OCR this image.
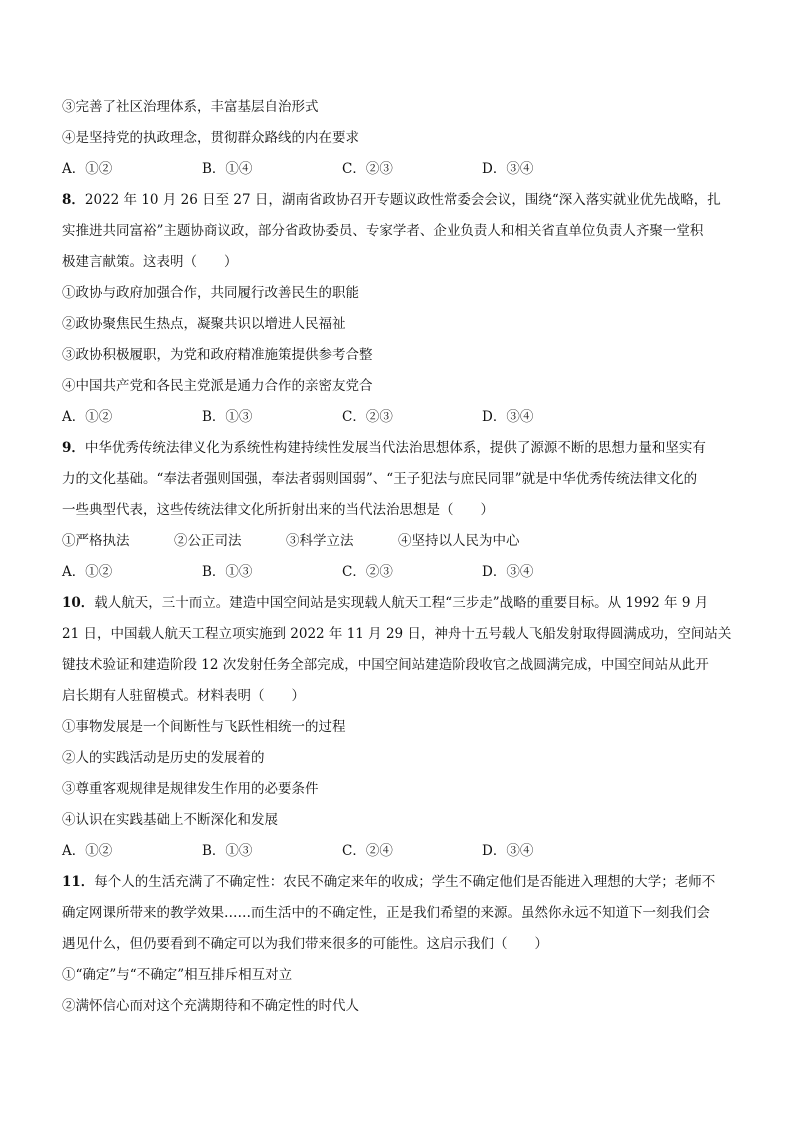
③完善了社区治理体系，丰富基层自治形式
④是坚持党的执政理念，贯彻群众路线的内在要求
A．①②	B．①④	C．②③	D．③④
8．2022 年 10 月 26 日至 27 日，湖南省政协召开专题议政性常委会会议，围绕“深入落实就业优先战略，扎
实推进共同富裕”主题协商议政，部分省政协委员、专家学者、企业负责人和相关省直单位负责人齐聚一堂积
极建言献策。这表明（　　）
①政协与政府加强合作，共同履行改善民生的职能
②政协聚焦民生热点，凝聚共识以增进人民福祉
③政协积极履职，为党和政府精准施策提供参考合整
④中国共产党和各民主党派是通力合作的亲密友党合
A．①②	B．①③	C．②③	D．③④
9．中华优秀传统法律义化为系统性构建持续性发展当代法治思想体系，提供了源源不断的思想力量和坚实有
力的文化基础。“奉法者强则国强，奉法者弱则国弱”、“王子犯法与庶民同罪”就是中华优秀传统法律文化的
一些典型代表，这些传统法律文化所折射出来的当代法治思想是（　　）
①严格执法	②公正司法	③科学立法	④坚持以人民为中心
A．①②	B．①③	C．②③	D．③④
10．载人航天，三十而立。建造中国空间站是实现载人航天工程“三步走”战略的重要目标。从 1992 年 9 月
21 日，中国载人航天工程立项实施到 2022 年 11 月 29 日，神舟十五号载人飞船发射取得圆满成功，空间站关
键技术验证和建造阶段 12 次发射任务全部完成，中国空间站建造阶段收官之战圆满完成，中国空间站从此开
启长期有人驻留模式。材料表明（　　）
①事物发展是一个间断性与飞跃性相统一的过程
②人的实践活动是历史的发展着的
③尊重客观规律是规律发生作用的必要条件
④认识在实践基础上不断深化和发展
A．①②	B．①③	C．②④	D．③④
11．每个人的生活充满了不确定性：农民不确定来年的收成；学生不确定他们是否能进入理想的大学；老师不
确定网课所带来的教学效果……而生活中的不确定性，正是我们希望的来源。虽然你永远不知道下一刻我们会
遇见什么，但仍要看到不确定可以为我们带来很多的可能性。这启示我们（　　）
①“确定”与“不确定”相互排斥相互对立
②满怀信心而对这个充满期待和不确定性的时代人
